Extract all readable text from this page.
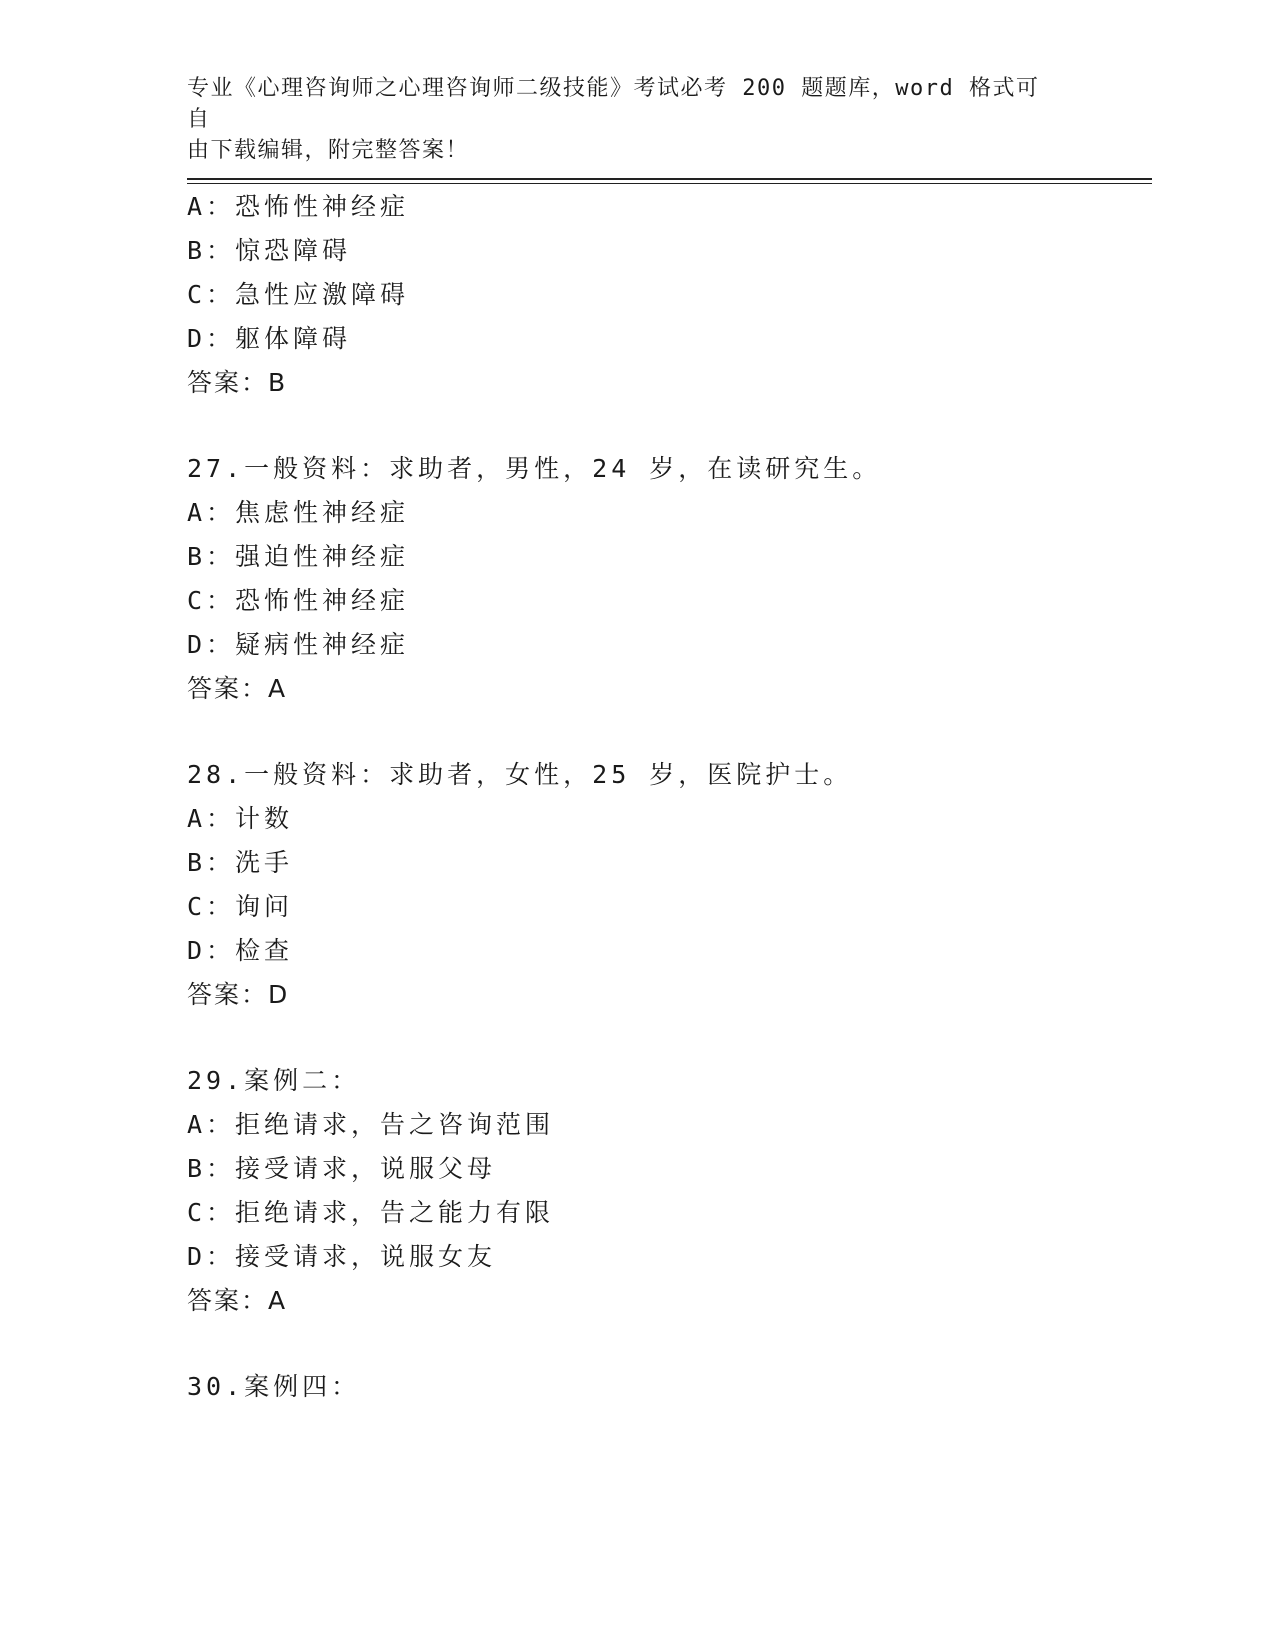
专业《心理咨询师之心理咨询师二级技能》考试必考 200 题题库，word 格式可自
由下载编辑，附完整答案！
A：恐怖性神经症
B：惊恐障碍
C：急性应激障碍
D：躯体障碍
答案：B
27.一般资料：求助者，男性，24 岁，在读研究生。
A：焦虑性神经症
B：强迫性神经症
C：恐怖性神经症
D：疑病性神经症
答案：A
28.一般资料：求助者，女性，25 岁，医院护士。
A：计数
B：洗手
C：询问
D：检查
答案：D
29.案例二：
A：拒绝请求，告之咨询范围
B：接受请求，说服父母
C：拒绝请求，告之能力有限
D：接受请求，说服女友
答案：A
30.案例四：
